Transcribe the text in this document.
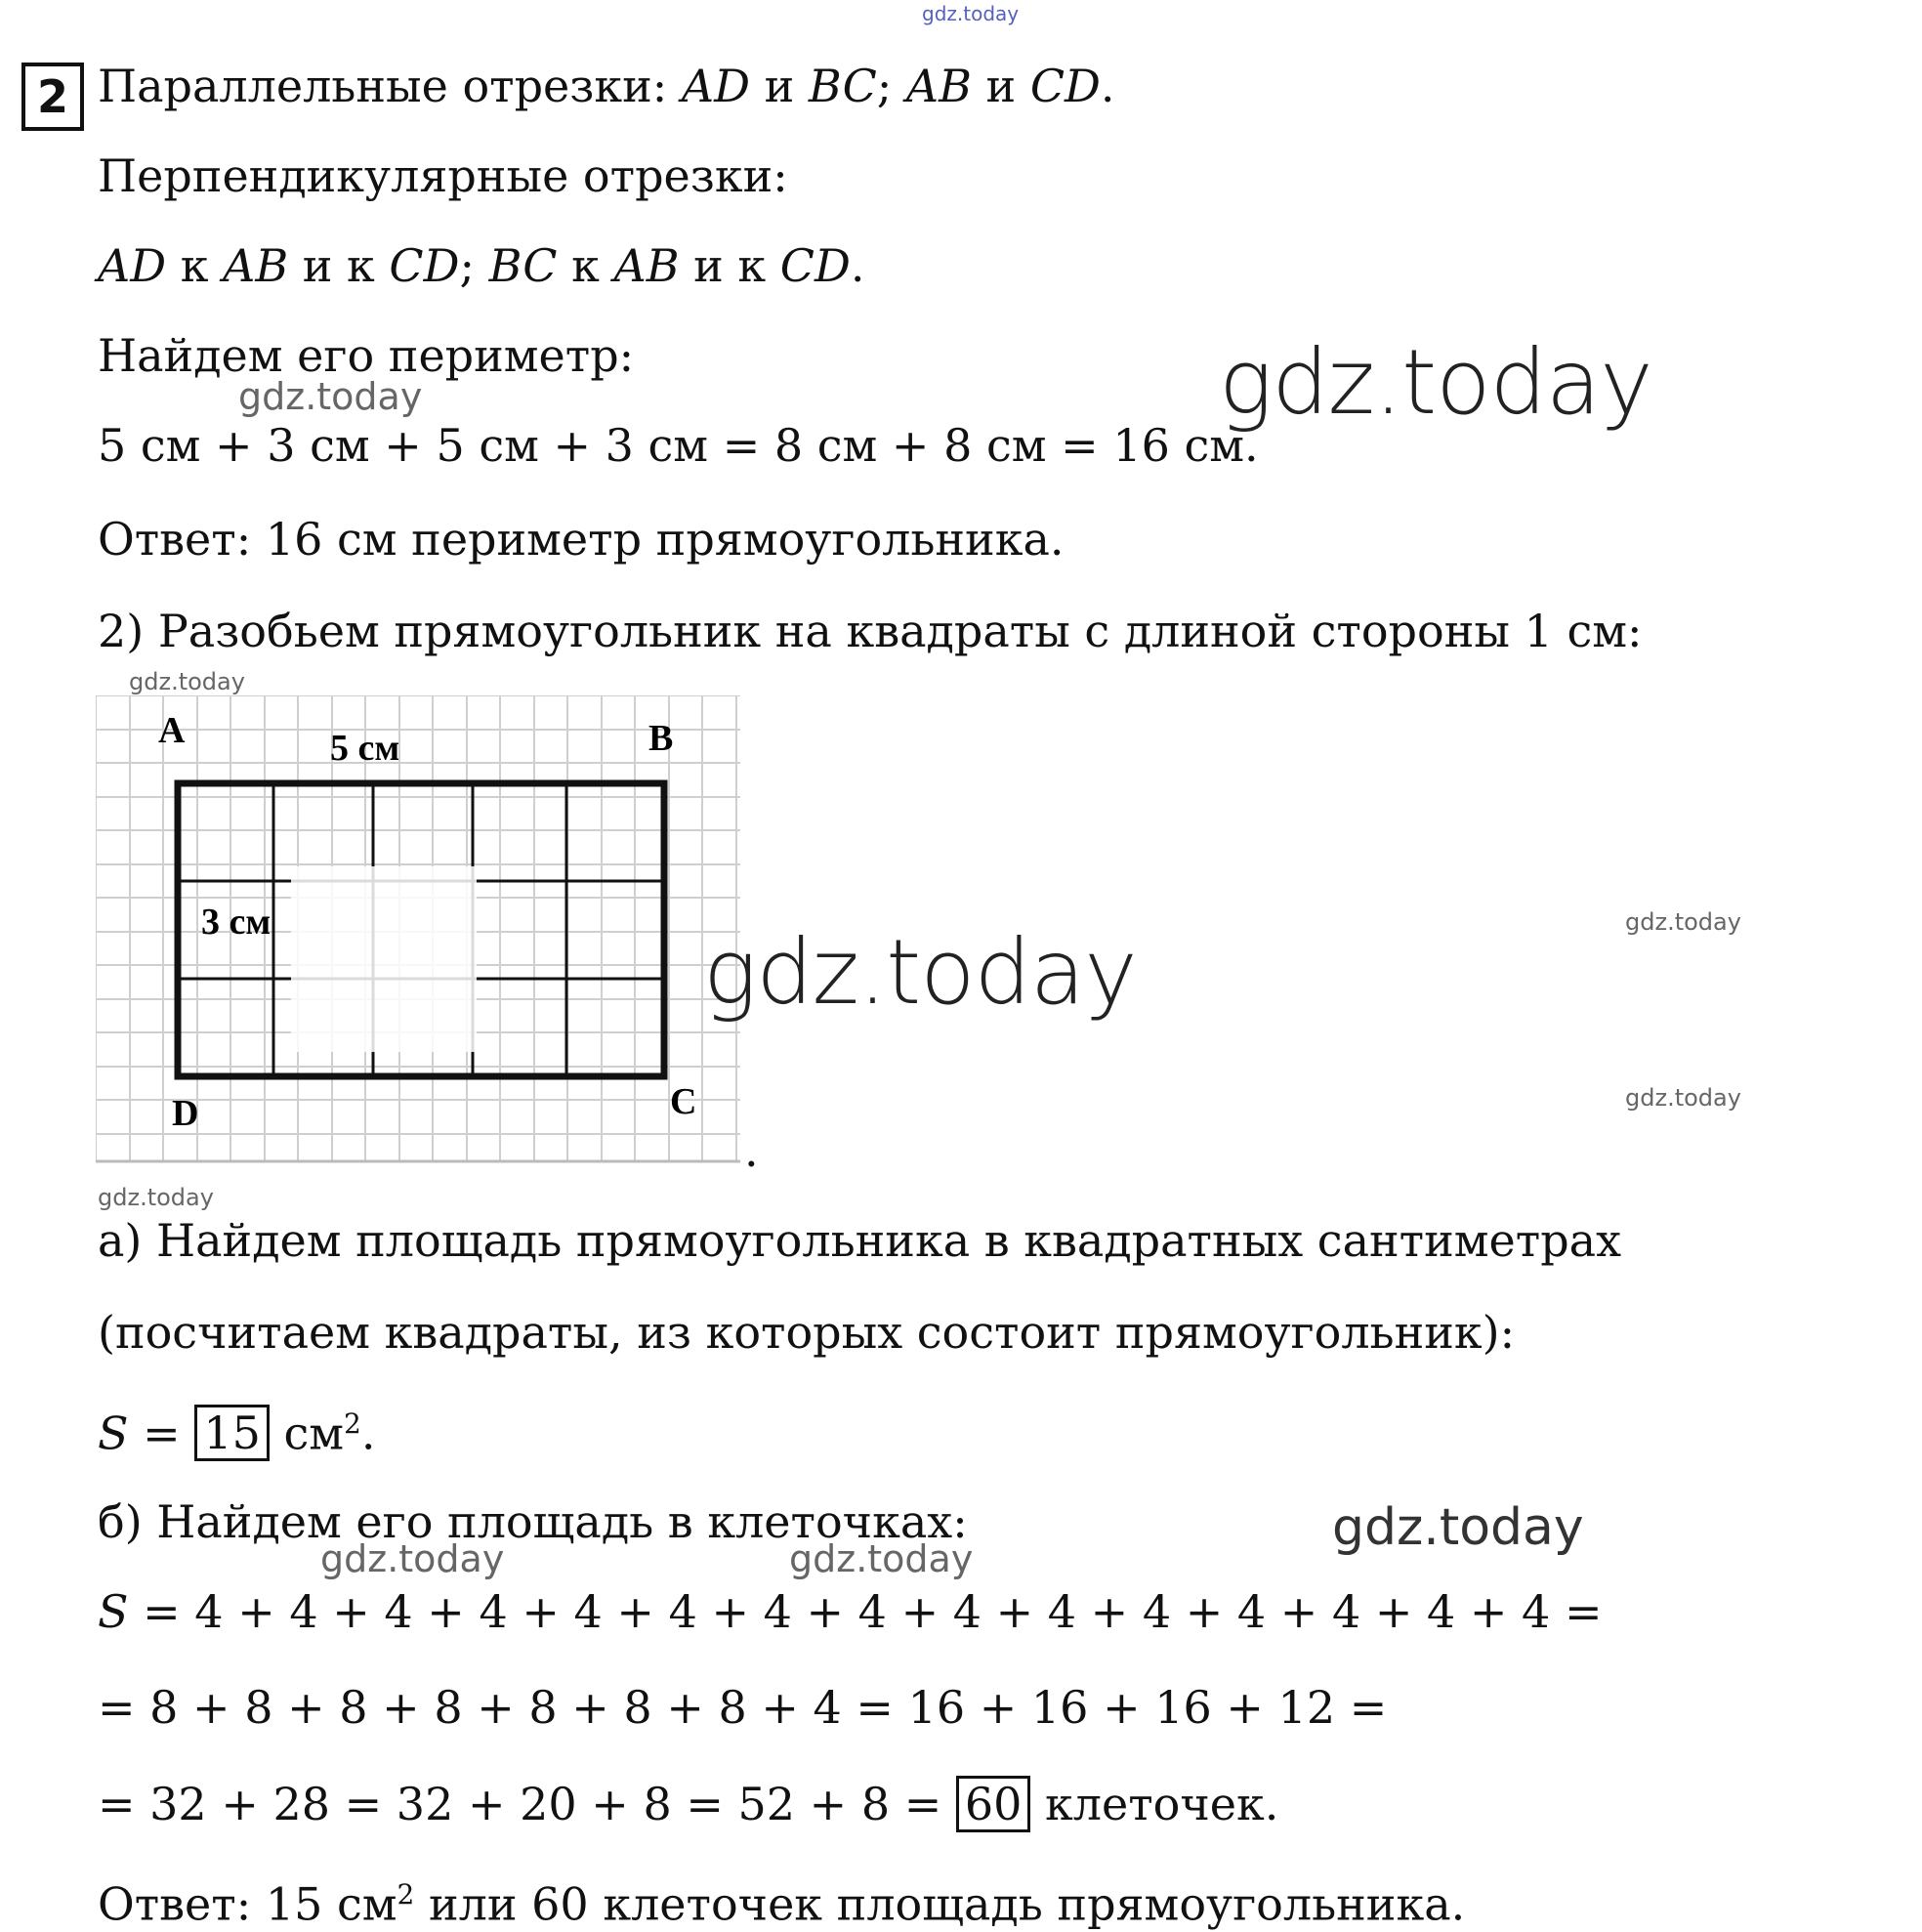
gdz.today
2 Параллельные отрезки: AD и BC; AB и CD.
Перпендикулярные отрезки:
AD к AB и к CD; BC к AB и к CD.
Найдем его периметр:
5 см + 3 см + 5 см + 3 см = 8 см + 8 см = 16 см.
Ответ: 16 см периметр прямоугольника.
2) Разобьем прямоугольник на квадраты с длиной стороны 1 см:
A	B
C
D
5 см
3 см
.
а) Найдем площадь прямоугольника в квадратных сантиметрах
(посчитаем квадраты, из которых состоит прямоугольник):
S = 15 $см^2$.
б) Найдем его площадь в клеточках:
S = 4 + 4 + 4 + 4 + 4 + 4 + 4 + 4 + 4 + 4 + 4 + 4 + 4 + 4 + 4 =
= 8 + 8 + 8 + 8 + 8 + 8 + 8 + 4 = 16 + 16 + 16 + 12 =
= 32 + 28 = 32 + 20 + 8 = 52 + 8 = 60 клеточек.
Ответ: 15 $см^2$ или 60 клеточек площадь прямоугольника.
gdz.today
gdz.today
gdz.today
gdz.today	gdz.today
gdz.today
gdz.today
gdz.today
gdz.today	gdz.today
